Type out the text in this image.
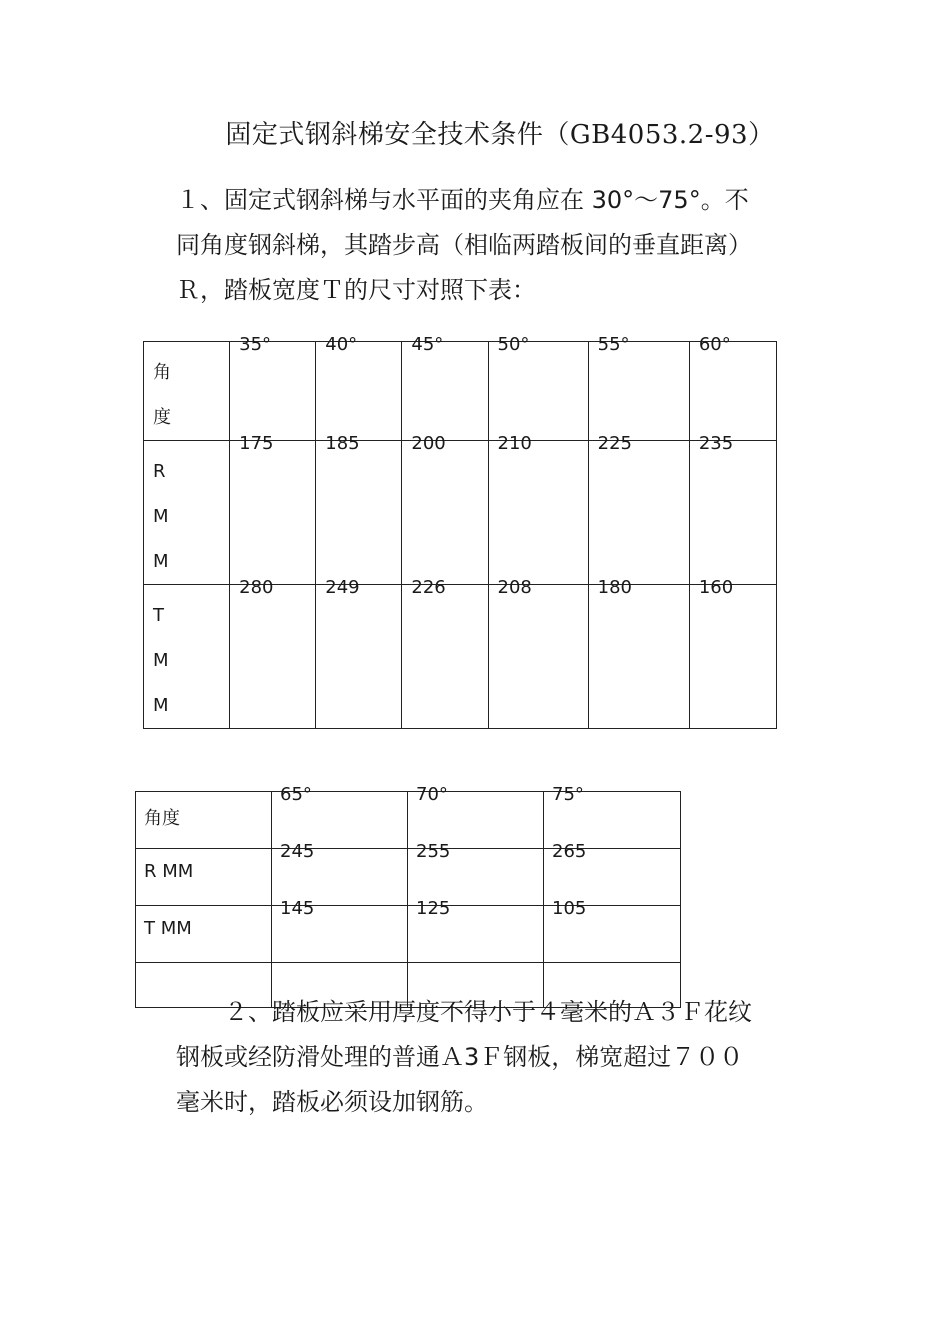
固定式钢斜梯安全技术条件（GB4053.2-93）
１、固定式钢斜梯与水平面的夹角应在 30°～75°。不
同角度钢斜梯，其踏步高（相临两踏板间的垂直距离）
Ｒ，踏板宽度Ｔ的尺寸对照下表：
角
度	35°	40°	45°	50°	55°	60°

R
M
M	175	185	200	210	225	235

T
M
M	280	249	226	208	180	160
角度	65°	70°	75°

R MM	245	255	265

T MM	145	125	105

　　２、踏板应采用厚度不得小于４毫米的Ａ３Ｆ花纹
钢板或经防滑处理的普通Ａ3Ｆ钢板，梯宽超过７００
毫米时，踏板必须设加钢筋。
